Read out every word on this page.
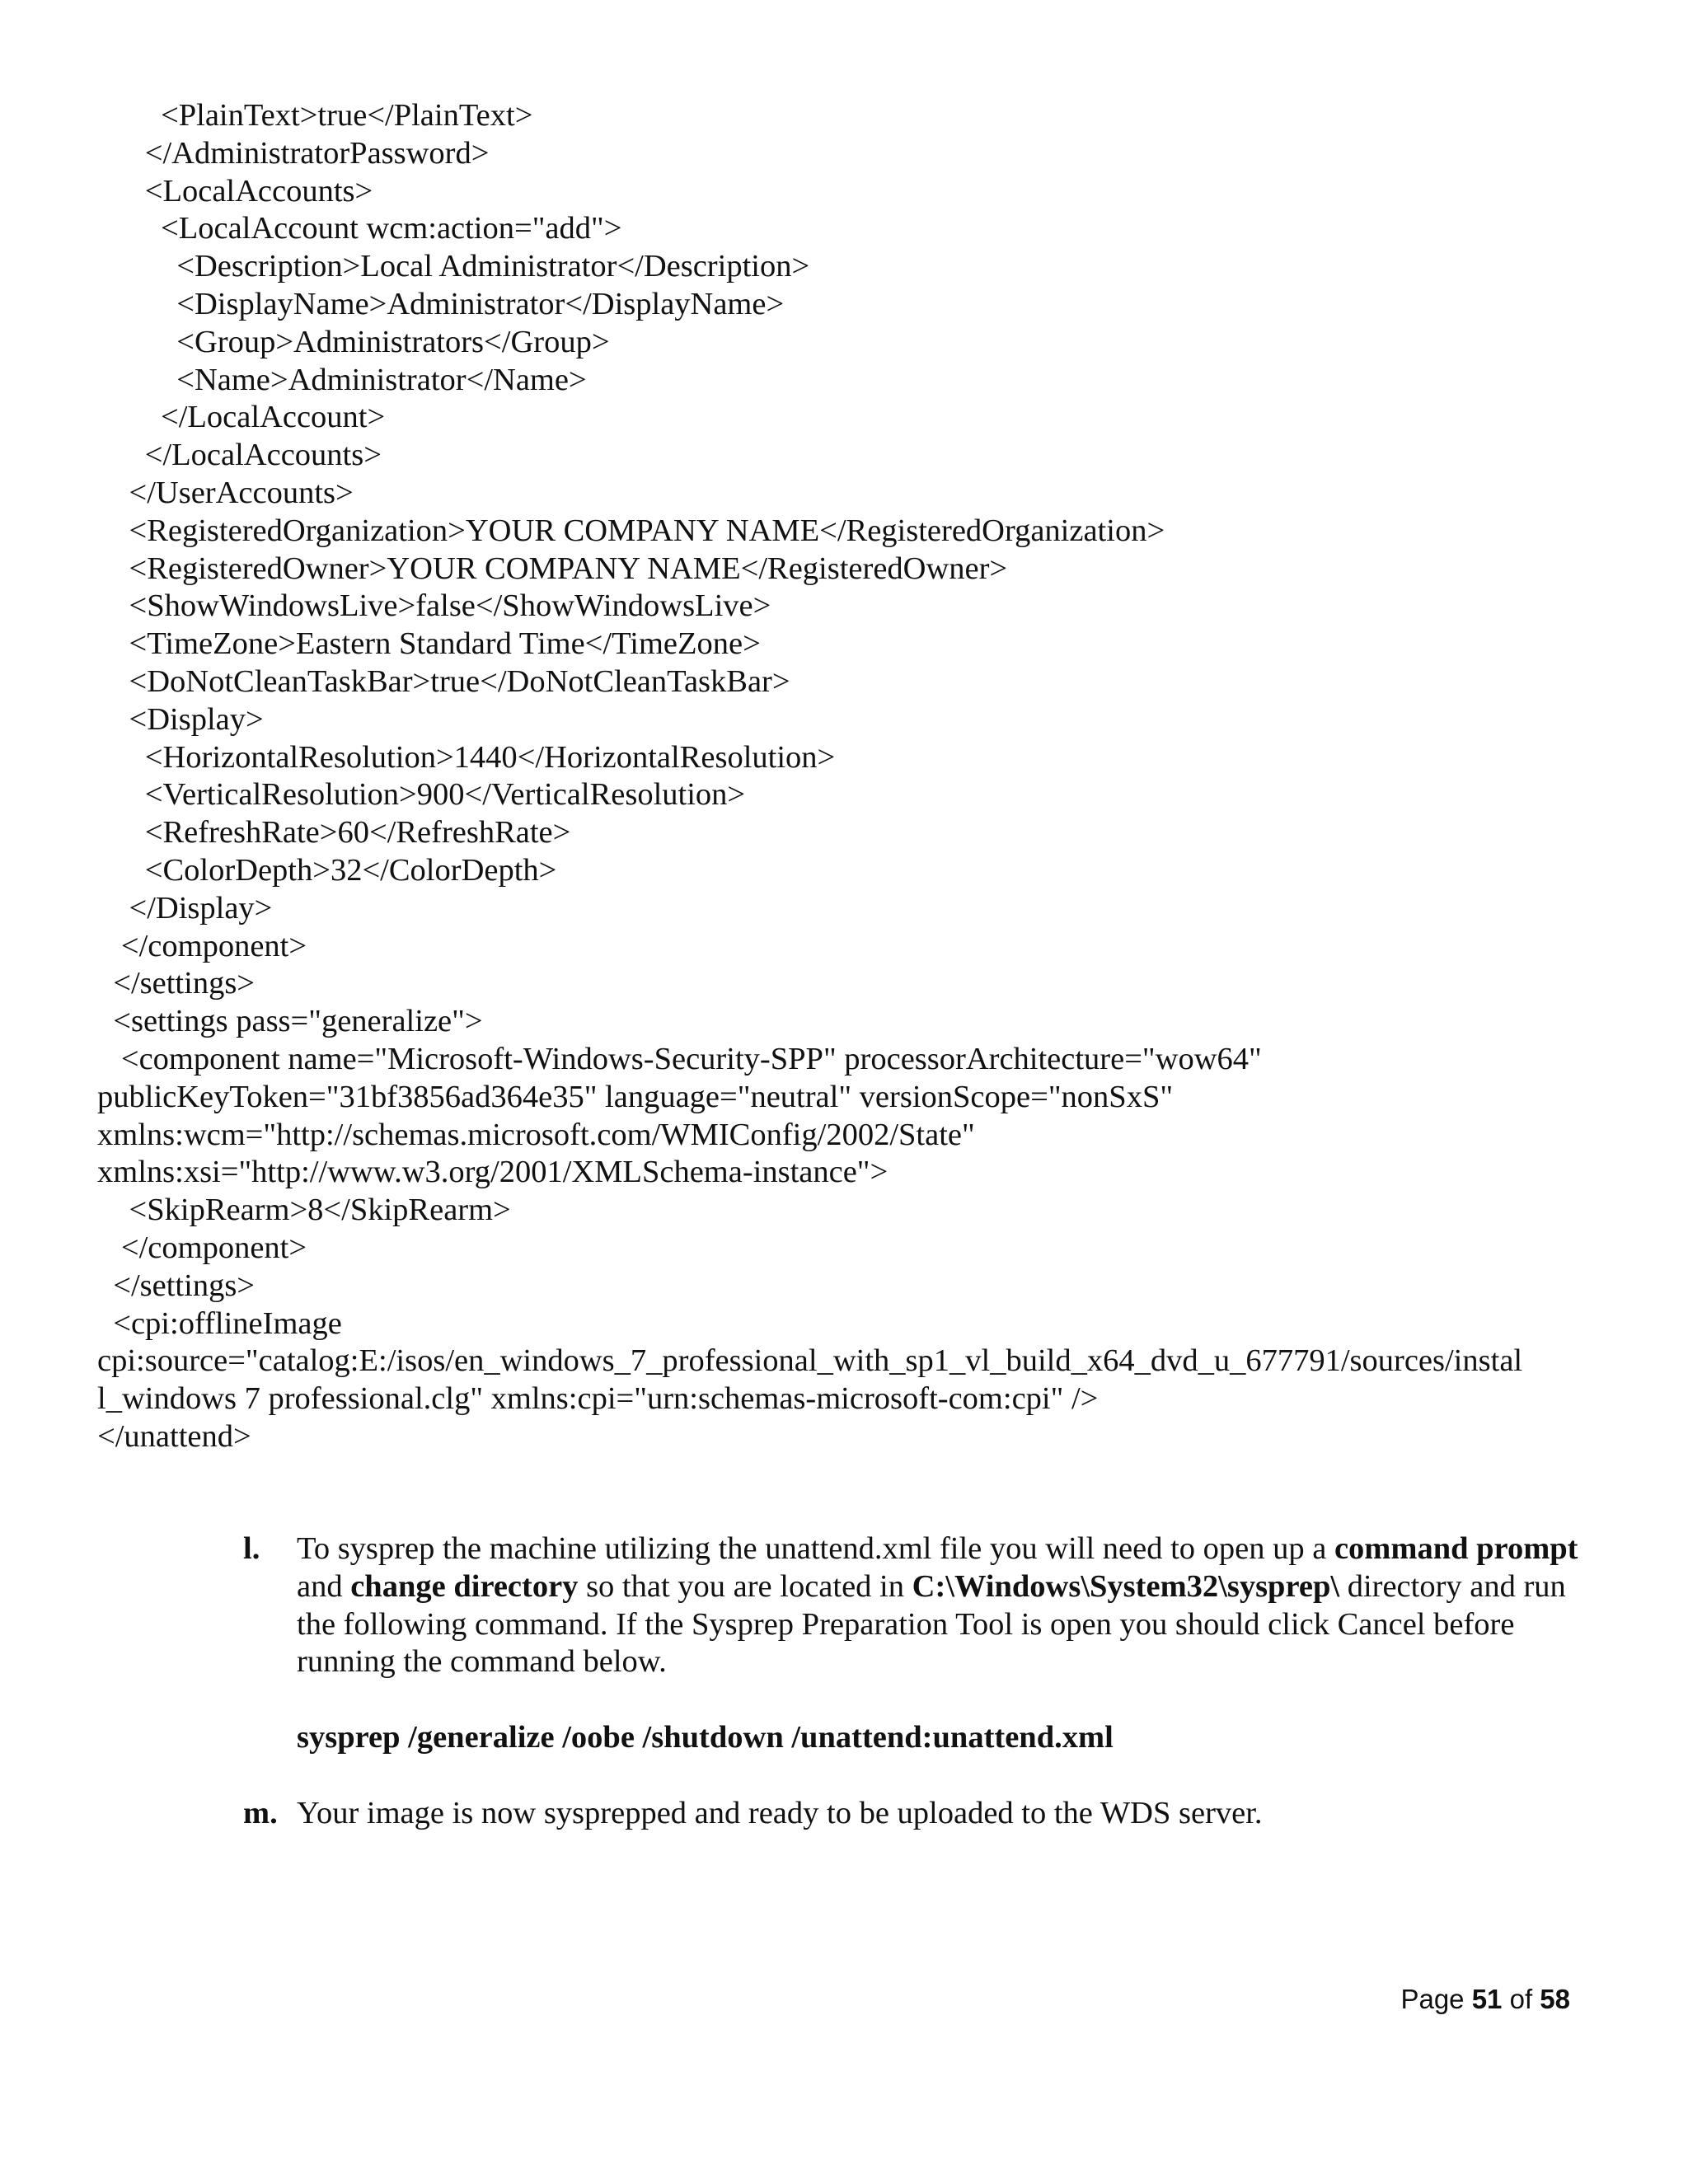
<PlainText>true</PlainText>
</AdministratorPassword>
<LocalAccounts>
<LocalAccount wcm:action="add">
<Description>Local Administrator</Description>
<DisplayName>Administrator</DisplayName>
<Group>Administrators</Group>
<Name>Administrator</Name>
</LocalAccount>
</LocalAccounts>
</UserAccounts>
<RegisteredOrganization>YOUR COMPANY NAME</RegisteredOrganization>
<RegisteredOwner>YOUR COMPANY NAME</RegisteredOwner>
<ShowWindowsLive>false</ShowWindowsLive>
<TimeZone>Eastern Standard Time</TimeZone>
<DoNotCleanTaskBar>true</DoNotCleanTaskBar>
<Display>
<HorizontalResolution>1440</HorizontalResolution>
<VerticalResolution>900</VerticalResolution>
<RefreshRate>60</RefreshRate>
<ColorDepth>32</ColorDepth>
</Display>
</component>
</settings>
<settings pass="generalize">
<component name="Microsoft-Windows-Security-SPP" processorArchitecture="wow64"
publicKeyToken="31bf3856ad364e35" language="neutral" versionScope="nonSxS"
xmlns:wcm="http://schemas.microsoft.com/WMIConfig/2002/State"
xmlns:xsi="http://www.w3.org/2001/XMLSchema-instance">
<SkipRearm>8</SkipRearm>
</component>
</settings>
<cpi:offlineImage
cpi:source="catalog:E:/isos/en_windows_7_professional_with_sp1_vl_build_x64_dvd_u_677791/sources/instal
l_windows 7 professional.clg" xmlns:cpi="urn:schemas-microsoft-com:cpi" />
</unattend>
l. To sysprep the machine utilizing the unattend.xml file you will need to open up a command prompt and change directory so that you are located in C:\Windows\System32\sysprep\ directory and run the following command. If the Sysprep Preparation Tool is open you should click Cancel before running the command below.
sysprep /generalize /oobe /shutdown /unattend:unattend.xml
m. Your image is now sysprepped and ready to be uploaded to the WDS server.
Page 51 of 58
